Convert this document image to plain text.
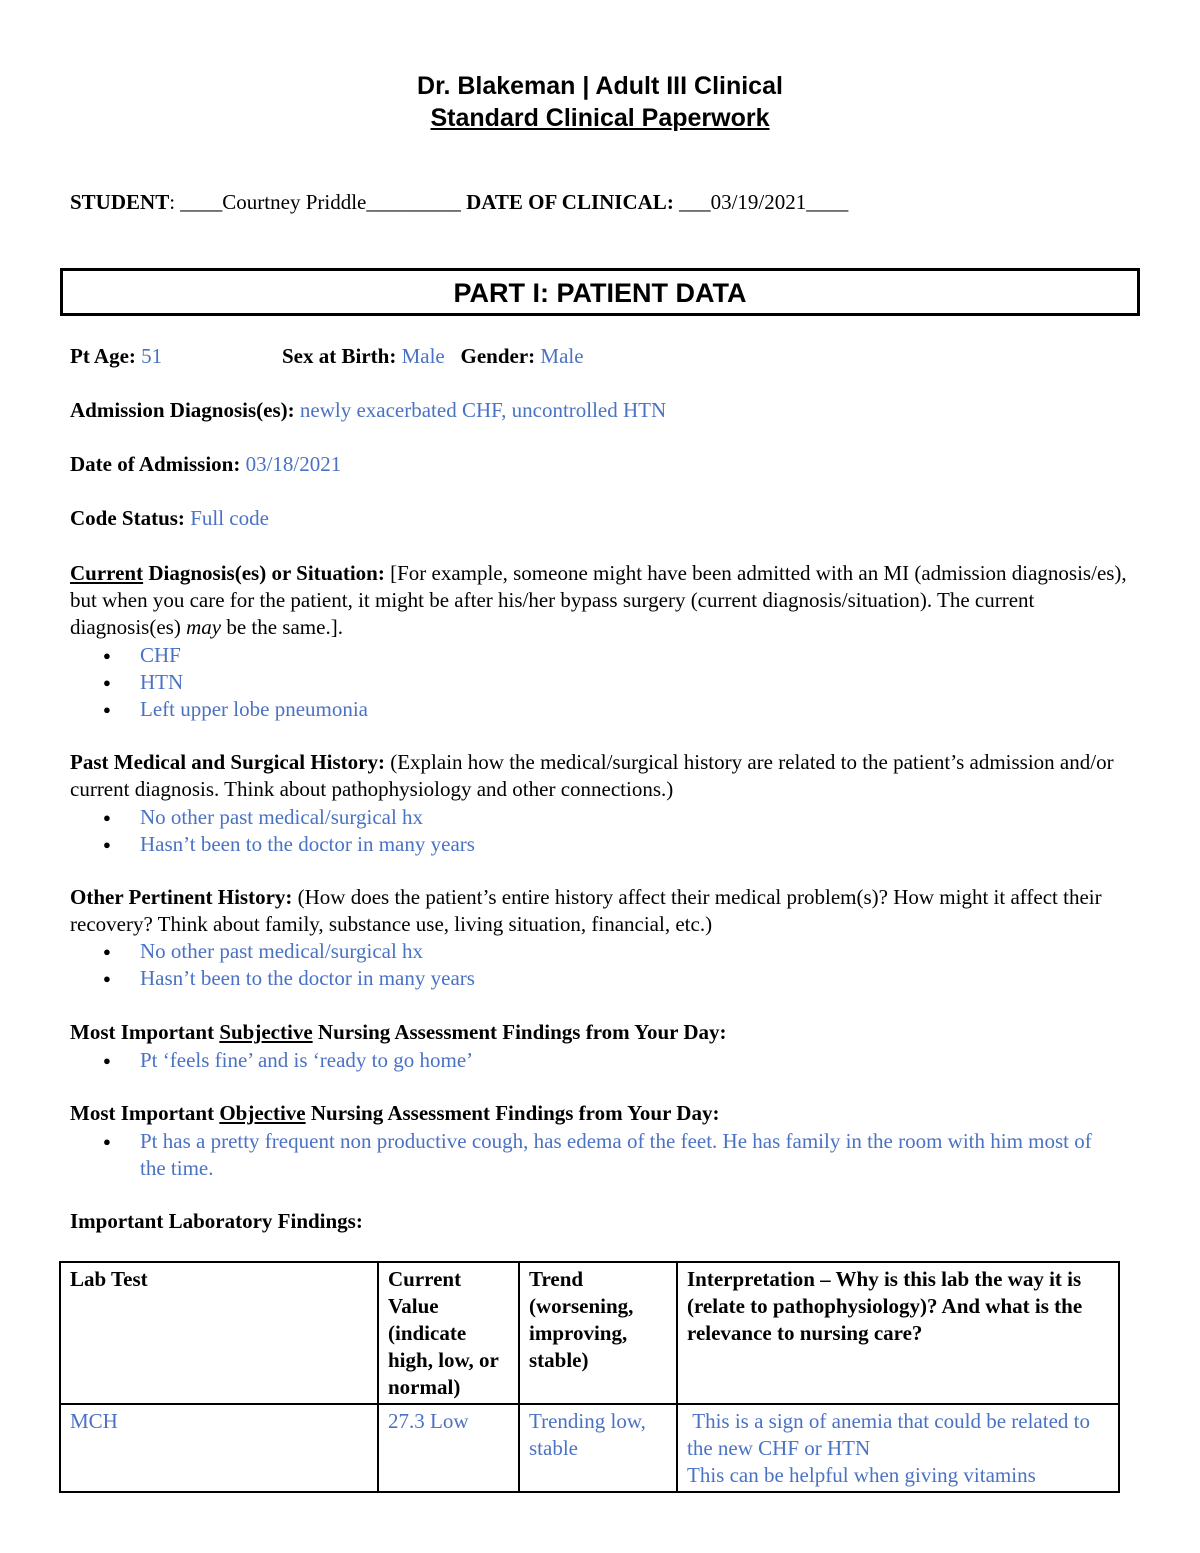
Dr. Blakeman | Adult III Clinical
Standard Clinical Paperwork
STUDENT: ____Courtney Priddle_________ DATE OF CLINICAL: ___03/19/2021____
PART I: PATIENT DATA
Pt Age: 51	Sex at Birth: Male Gender: Male
Admission Diagnosis(es): newly exacerbated CHF, uncontrolled HTN
Date of Admission: 03/18/2021
Code Status: Full code
Current Diagnosis(es) or Situation: [For example, someone might have been admitted with an MI (admission diagnosis/es), but when you care for the patient, it might be after his/her bypass surgery (current diagnosis/situation). The current diagnosis(es) may be the same.].
● CHF
● HTN
● Left upper lobe pneumonia
Past Medical and Surgical History: (Explain how the medical/surgical history are related to the patient’s admission and/or current diagnosis. Think about pathophysiology and other connections.)
● No other past medical/surgical hx
● Hasn’t been to the doctor in many years
Other Pertinent History: (How does the patient’s entire history affect their medical problem(s)? How might it affect their recovery? Think about family, substance use, living situation, financial, etc.)
● No other past medical/surgical hx
● Hasn’t been to the doctor in many years
Most Important Subjective Nursing Assessment Findings from Your Day:
● Pt ‘feels fine’ and is ‘ready to go home’
Most Important Objective Nursing Assessment Findings from Your Day:
● Pt has a pretty frequent non productive cough, has edema of the feet. He has family in the room with him most of the time.
Important Laboratory Findings:
Lab Test	Current Value (indicate high, low, or normal)	Trend (worsening, improving, stable)	Interpretation – Why is this lab the way it is (relate to pathophysiology)? And what is the relevance to nursing care?
MCH	27.3 Low	Trending low, stable	This is a sign of anemia that could be related to the new CHF or HTN
This can be helpful when giving vitamins
